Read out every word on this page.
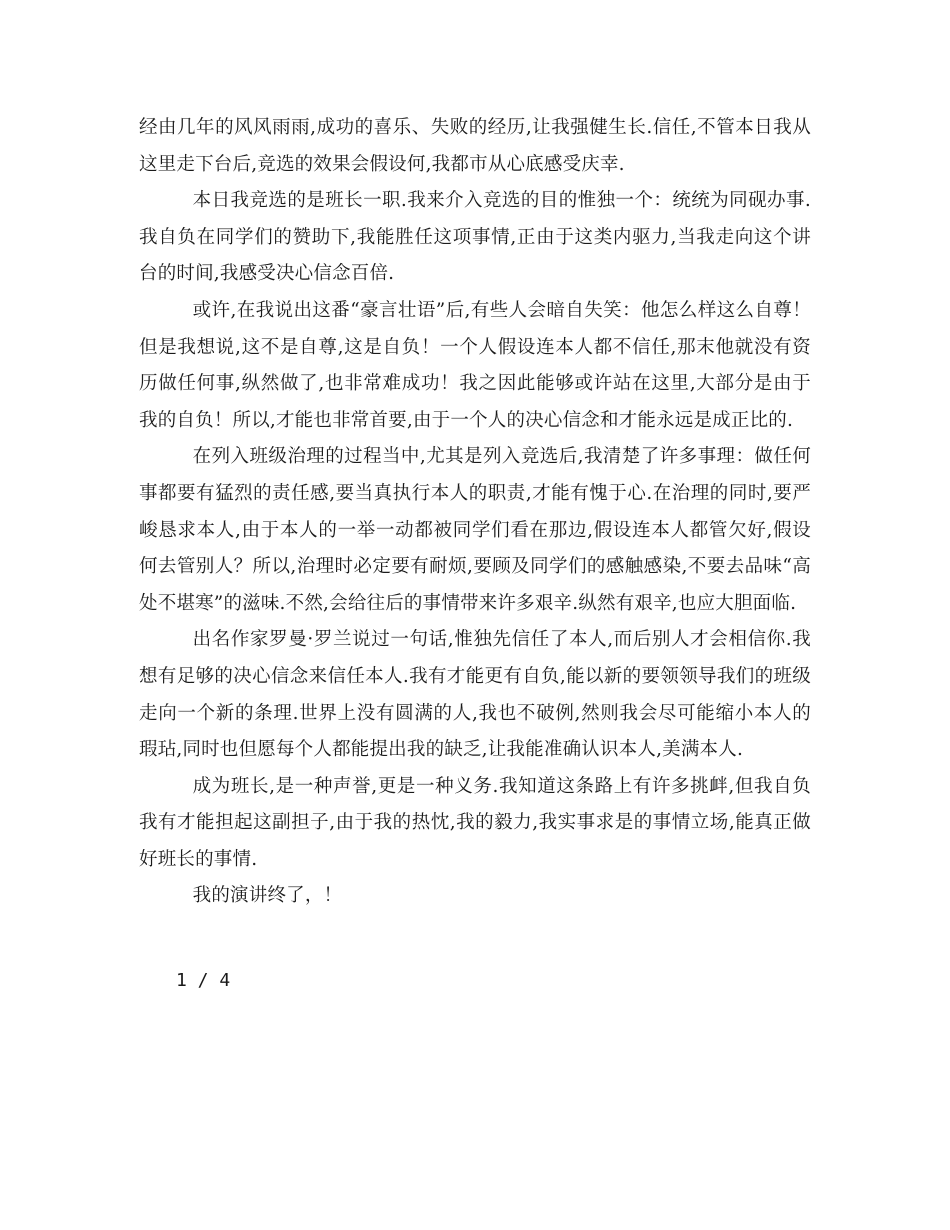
经由几年的风风雨雨,成功的喜乐、失败的经历,让我强健生长.信任,不管本日我从这里走下台后,竞选的效果会假设何,我都市从心底感受庆幸.

本日我竞选的是班长一职.我来介入竞选的目的惟独一个：统统为同砚办事.我自负在同学们的赞助下,我能胜任这项事情,正由于这类内驱力,当我走向这个讲台的时间,我感受决心信念百倍.

或许,在我说出这番“豪言壮语”后,有些人会暗自失笑：他怎么样这么自尊！但是我想说,这不是自尊,这是自负！一个人假设连本人都不信任,那末他就没有资历做任何事,纵然做了,也非常难成功！我之因此能够或许站在这里,大部分是由于我的自负！所以,才能也非常首要,由于一个人的决心信念和才能永远是成正比的.

在列入班级治理的过程当中,尤其是列入竞选后,我清楚了许多事理：做任何事都要有猛烈的责任感,要当真执行本人的职责,才能有愧于心.在治理的同时,要严峻恳求本人,由于本人的一举一动都被同学们看在那边,假设连本人都管欠好,假设何去管别人？所以,治理时必定要有耐烦,要顾及同学们的感触感染,不要去品味“高处不堪寒”的滋味.不然,会给往后的事情带来许多艰辛.纵然有艰辛,也应大胆面临.

出名作家罗曼·罗兰说过一句话,惟独先信任了本人,而后别人才会相信你.我想有足够的决心信念来信任本人.我有才能更有自负,能以新的要领领导我们的班级走向一个新的条理.世界上没有圆满的人,我也不破例,然则我会尽可能缩小本人的瑕玷,同时也但愿每个人都能提出我的缺乏,让我能准确认识本人,美满本人.

成为班长,是一种声誉,更是一种义务.我知道这条路上有许多挑衅,但我自负我有才能担起这副担子,由于我的热忱,我的毅力,我实事求是的事情立场,能真正做好班长的事情.

我的演讲终了，！

1 / 4
